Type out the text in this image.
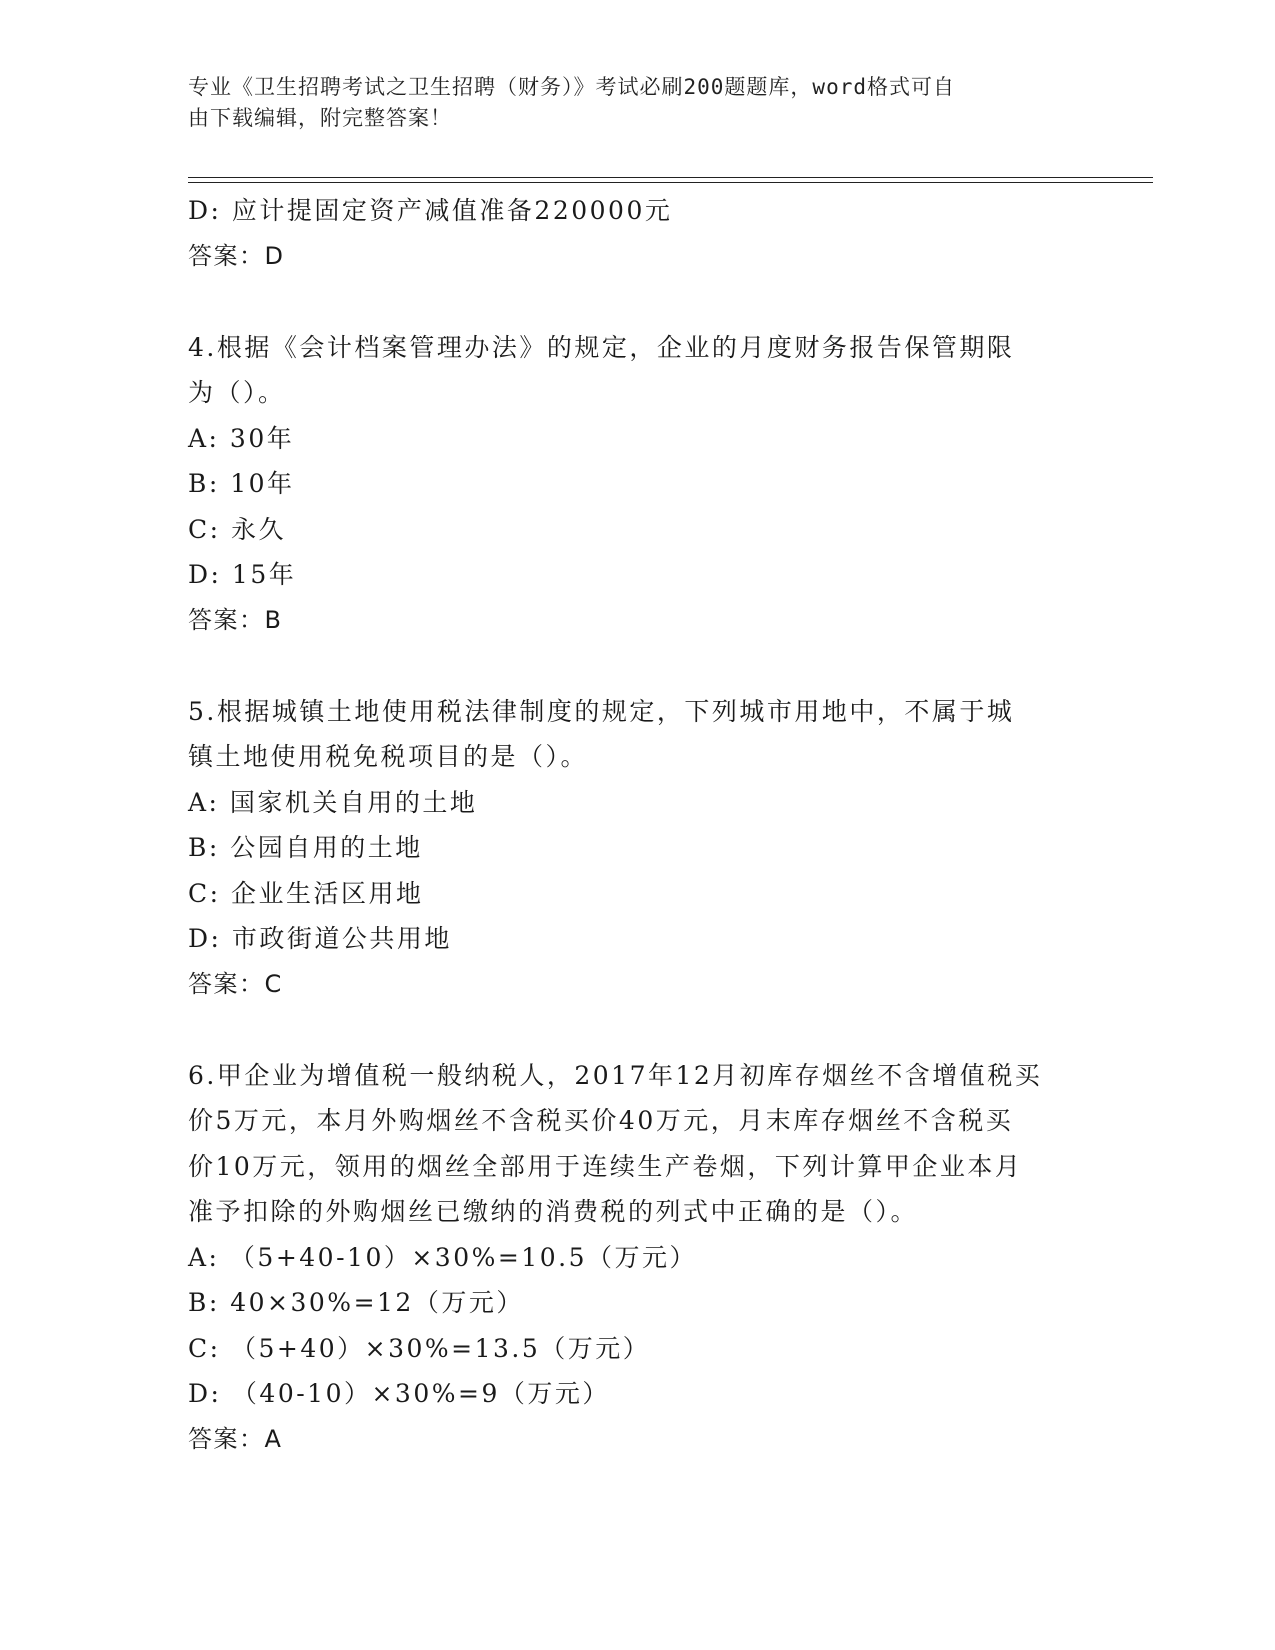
专业《卫生招聘考试之卫生招聘（财务）》考试必刷200题题库，word格式可自
由下载编辑，附完整答案！
D: 应计提固定资产减值准备220000元
答案：D
4.根据《会计档案管理办法》的规定，企业的月度财务报告保管期限
为（）。
A: 30年
B: 10年
C: 永久
D: 15年
答案：B
5.根据城镇土地使用税法律制度的规定，下列城市用地中，不属于城
镇土地使用税免税项目的是（）。
A: 国家机关自用的土地
B: 公园自用的土地
C: 企业生活区用地
D: 市政街道公共用地
答案：C
6.甲企业为增值税一般纳税人，2017年12月初库存烟丝不含增值税买
价5万元，本月外购烟丝不含税买价40万元，月末库存烟丝不含税买
价10万元，领用的烟丝全部用于连续生产卷烟，下列计算甲企业本月
准予扣除的外购烟丝已缴纳的消费税的列式中正确的是（）。
A: （5+40-10）×30%=10.5（万元）
B: 40×30%=12（万元）
C: （5+40）×30%=13.5（万元）
D: （40-10）×30%=9（万元）
答案：A
